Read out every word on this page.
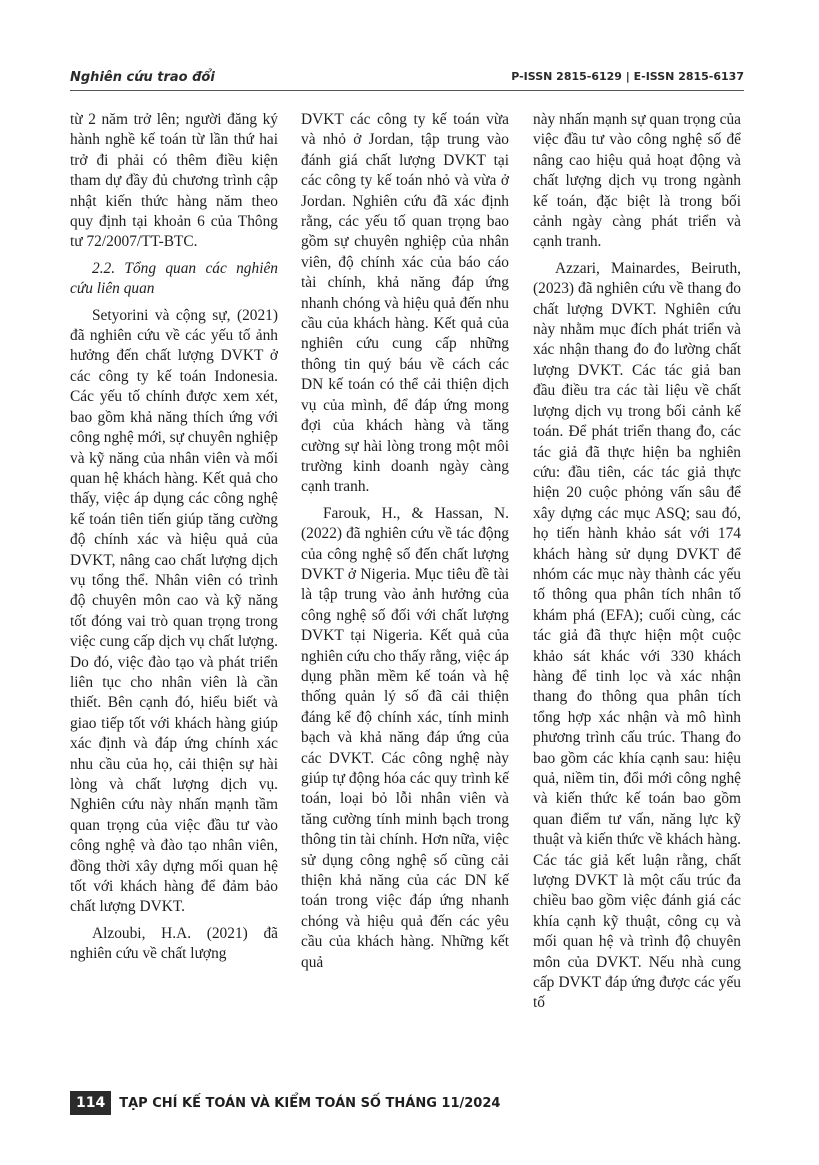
Nghiên cứu trao đổi	P-ISSN 2815-6129 | E-ISSN 2815-6137

từ 2 năm trở lên; người đăng ký hành nghề kế toán từ lần thứ hai trở đi phải có thêm điều kiện tham dự đầy đủ chương trình cập nhật kiến thức hàng năm theo quy định tại khoản 6 của Thông tư 72/2007/TT-BTC.

2.2. Tổng quan các nghiên cứu liên quan

Setyorini và cộng sự, (2021) đã nghiên cứu về các yếu tố ảnh hưởng đến chất lượng DVKT ở các công ty kế toán Indonesia. Các yếu tố chính được xem xét, bao gồm khả năng thích ứng với công nghệ mới, sự chuyên nghiệp và kỹ năng của nhân viên và mối quan hệ khách hàng. Kết quả cho thấy, việc áp dụng các công nghệ kế toán tiên tiến giúp tăng cường độ chính xác và hiệu quả của DVKT, nâng cao chất lượng dịch vụ tổng thể. Nhân viên có trình độ chuyên môn cao và kỹ năng tốt đóng vai trò quan trọng trong việc cung cấp dịch vụ chất lượng. Do đó, việc đào tạo và phát triển liên tục cho nhân viên là cần thiết. Bên cạnh đó, hiểu biết và giao tiếp tốt với khách hàng giúp xác định và đáp ứng chính xác nhu cầu của họ, cải thiện sự hài lòng và chất lượng dịch vụ. Nghiên cứu này nhấn mạnh tầm quan trọng của việc đầu tư vào công nghệ và đào tạo nhân viên, đồng thời xây dựng mối quan hệ tốt với khách hàng để đảm bảo chất lượng DVKT.

Alzoubi, H.A. (2021) đã nghiên cứu về chất lượng

DVKT các công ty kế toán vừa và nhỏ ở Jordan, tập trung vào đánh giá chất lượng DVKT tại các công ty kế toán nhỏ và vừa ở Jordan. Nghiên cứu đã xác định rằng, các yếu tố quan trọng bao gồm sự chuyên nghiệp của nhân viên, độ chính xác của báo cáo tài chính, khả năng đáp ứng nhanh chóng và hiệu quả đến nhu cầu của khách hàng. Kết quả của nghiên cứu cung cấp những thông tin quý báu về cách các DN kế toán có thể cải thiện dịch vụ của mình, để đáp ứng mong đợi của khách hàng và tăng cường sự hài lòng trong một môi trường kinh doanh ngày càng cạnh tranh.

Farouk, H., & Hassan, N. (2022) đã nghiên cứu về tác động của công nghệ số đến chất lượng DVKT ở Nigeria. Mục tiêu đề tài là tập trung vào ảnh hưởng của công nghệ số đối với chất lượng DVKT tại Nigeria. Kết quả của nghiên cứu cho thấy rằng, việc áp dụng phần mềm kế toán và hệ thống quản lý số đã cải thiện đáng kể độ chính xác, tính minh bạch và khả năng đáp ứng của các DVKT. Các công nghệ này giúp tự động hóa các quy trình kế toán, loại bỏ lỗi nhân viên và tăng cường tính minh bạch trong thông tin tài chính. Hơn nữa, việc sử dụng công nghệ số cũng cải thiện khả năng của các DN kế toán trong việc đáp ứng nhanh chóng và hiệu quả đến các yêu cầu của khách hàng. Những kết quả

này nhấn mạnh sự quan trọng của việc đầu tư vào công nghệ số để nâng cao hiệu quả hoạt động và chất lượng dịch vụ trong ngành kế toán, đặc biệt là trong bối cảnh ngày càng phát triển và cạnh tranh.

Azzari, Mainardes, Beiruth, (2023) đã nghiên cứu về thang đo chất lượng DVKT. Nghiên cứu này nhằm mục đích phát triển và xác nhận thang đo đo lường chất lượng DVKT. Các tác giả ban đầu điều tra các tài liệu về chất lượng dịch vụ trong bối cảnh kế toán. Để phát triển thang đo, các tác giả đã thực hiện ba nghiên cứu: đầu tiên, các tác giả thực hiện 20 cuộc phỏng vấn sâu để xây dựng các mục ASQ; sau đó, họ tiến hành khảo sát với 174 khách hàng sử dụng DVKT để nhóm các mục này thành các yếu tố thông qua phân tích nhân tố khám phá (EFA); cuối cùng, các tác giả đã thực hiện một cuộc khảo sát khác với 330 khách hàng để tinh lọc và xác nhận thang đo thông qua phân tích tổng hợp xác nhận và mô hình phương trình cấu trúc. Thang đo bao gồm các khía cạnh sau: hiệu quả, niềm tin, đổi mới công nghệ và kiến thức kế toán bao gồm quan điểm tư vấn, năng lực kỹ thuật và kiến thức về khách hàng. Các tác giả kết luận rằng, chất lượng DVKT là một cấu trúc đa chiều bao gồm việc đánh giá các khía cạnh kỹ thuật, công cụ và mối quan hệ và trình độ chuyên môn của DVKT. Nếu nhà cung cấp DVKT đáp ứng được các yếu tố

114	TẠP CHÍ KẾ TOÁN VÀ KIỂM TOÁN SỐ THÁNG 11/2024
